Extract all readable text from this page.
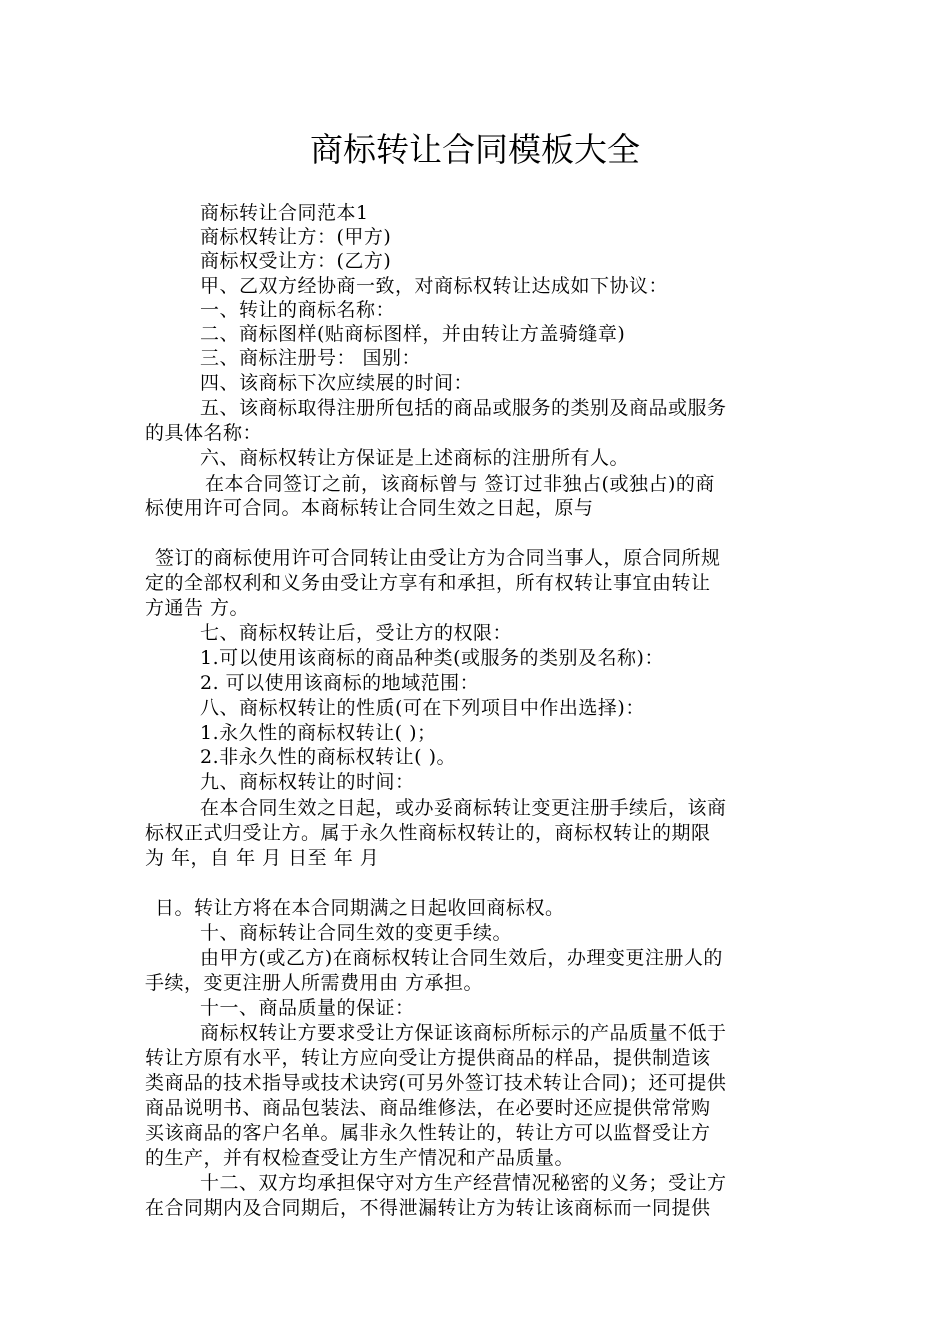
商标转让合同模板大全
商标转让合同范本1
商标权转让方：(甲方)
商标权受让方：(乙方)
甲、乙双方经协商一致，对商标权转让达成如下协议：
一、转让的商标名称：
二、商标图样(贴商标图样，并由转让方盖骑缝章)
三、商标注册号： 国别：
四、该商标下次应续展的时间：
五、该商标取得注册所包括的商品或服务的类别及商品或服务
的具体名称：
六、商标权转让方保证是上述商标的注册所有人。
在本合同签订之前，该商标曾与 签订过非独占(或独占)的商
标使用许可合同。本商标转让合同生效之日起，原与
签订的商标使用许可合同转让由受让方为合同当事人，原合同所规
定的全部权利和义务由受让方享有和承担，所有权转让事宜由转让
方通告 方。
七、商标权转让后，受让方的权限：
1.可以使用该商标的商品种类(或服务的类别及名称)：
2. 可以使用该商标的地域范围：
八、商标权转让的性质(可在下列项目中作出选择)：
1.永久性的商标权转让( )；
2.非永久性的商标权转让( )。
九、商标权转让的时间：
在本合同生效之日起，或办妥商标转让变更注册手续后，该商
标权正式归受让方。属于永久性商标权转让的，商标权转让的期限
为 年，自 年 月 日至 年 月
日。转让方将在本合同期满之日起收回商标权。
十、商标转让合同生效的变更手续。
由甲方(或乙方)在商标权转让合同生效后，办理变更注册人的
手续，变更注册人所需费用由 方承担。
十一、商品质量的保证：
商标权转让方要求受让方保证该商标所标示的产品质量不低于
转让方原有水平，转让方应向受让方提供商品的样品，提供制造该
类商品的技术指导或技术诀窍(可另外签订技术转让合同)；还可提供
商品说明书、商品包装法、商品维修法，在必要时还应提供常常购
买该商品的客户名单。属非永久性转让的，转让方可以监督受让方
的生产，并有权检查受让方生产情况和产品质量。
十二、双方均承担保守对方生产经营情况秘密的义务；受让方
在合同期内及合同期后，不得泄漏转让方为转让该商标而一同提供
